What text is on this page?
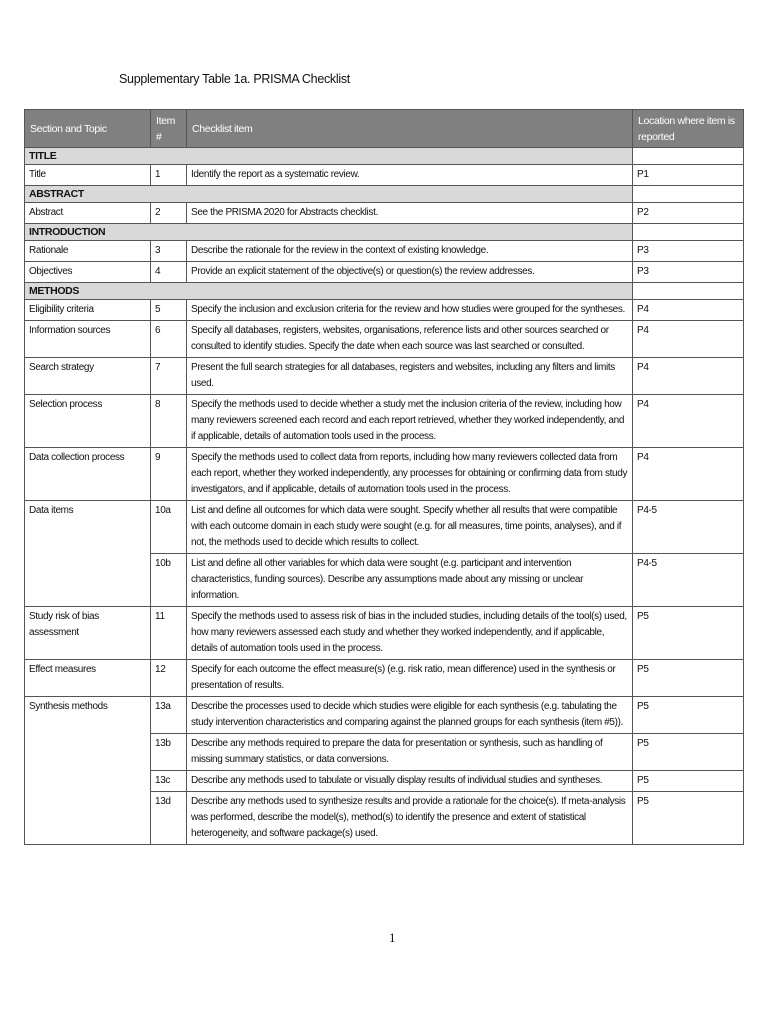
Supplementary Table 1a. PRISMA Checklist
Section and Topic	Item #	Checklist item	Location where item is reported
TITLE			
Title	1	Identify the report as a systematic review.	P1
ABSTRACT			
Abstract	2	See the PRISMA 2020 for Abstracts checklist.	P2
INTRODUCTION			
Rationale	3	Describe the rationale for the review in the context of existing knowledge.	P3
Objectives	4	Provide an explicit statement of the objective(s) or question(s) the review addresses.	P3
METHODS			
Eligibility criteria	5	Specify the inclusion and exclusion criteria for the review and how studies were grouped for the syntheses.	P4
Information sources	6	Specify all databases, registers, websites, organisations, reference lists and other sources searched or consulted to identify studies. Specify the date when each source was last searched or consulted.	P4
Search strategy	7	Present the full search strategies for all databases, registers and websites, including any filters and limits used.	P4
Selection process	8	Specify the methods used to decide whether a study met the inclusion criteria of the review, including how many reviewers screened each record and each report retrieved, whether they worked independently, and if applicable, details of automation tools used in the process.	P4
Data collection process	9	Specify the methods used to collect data from reports, including how many reviewers collected data from each report, whether they worked independently, any processes for obtaining or confirming data from study investigators, and if applicable, details of automation tools used in the process.	P4
Data items	10a	List and define all outcomes for which data were sought. Specify whether all results that were compatible with each outcome domain in each study were sought (e.g. for all measures, time points, analyses), and if not, the methods used to decide which results to collect.	P4-5
	10b	List and define all other variables for which data were sought (e.g. participant and intervention characteristics, funding sources). Describe any assumptions made about any missing or unclear information.	P4-5
Study risk of bias assessment	11	Specify the methods used to assess risk of bias in the included studies, including details of the tool(s) used, how many reviewers assessed each study and whether they worked independently, and if applicable, details of automation tools used in the process.	P5
Effect measures	12	Specify for each outcome the effect measure(s) (e.g. risk ratio, mean difference) used in the synthesis or presentation of results.	P5
Synthesis methods	13a	Describe the processes used to decide which studies were eligible for each synthesis (e.g. tabulating the study intervention characteristics and comparing against the planned groups for each synthesis (item #5)).	P5
	13b	Describe any methods required to prepare the data for presentation or synthesis, such as handling of missing summary statistics, or data conversions.	P5
	13c	Describe any methods used to tabulate or visually display results of individual studies and syntheses.	P5
	13d	Describe any methods used to synthesize results and provide a rationale for the choice(s). If meta-analysis was performed, describe the model(s), method(s) to identify the presence and extent of statistical heterogeneity, and software package(s) used.	P5
1
